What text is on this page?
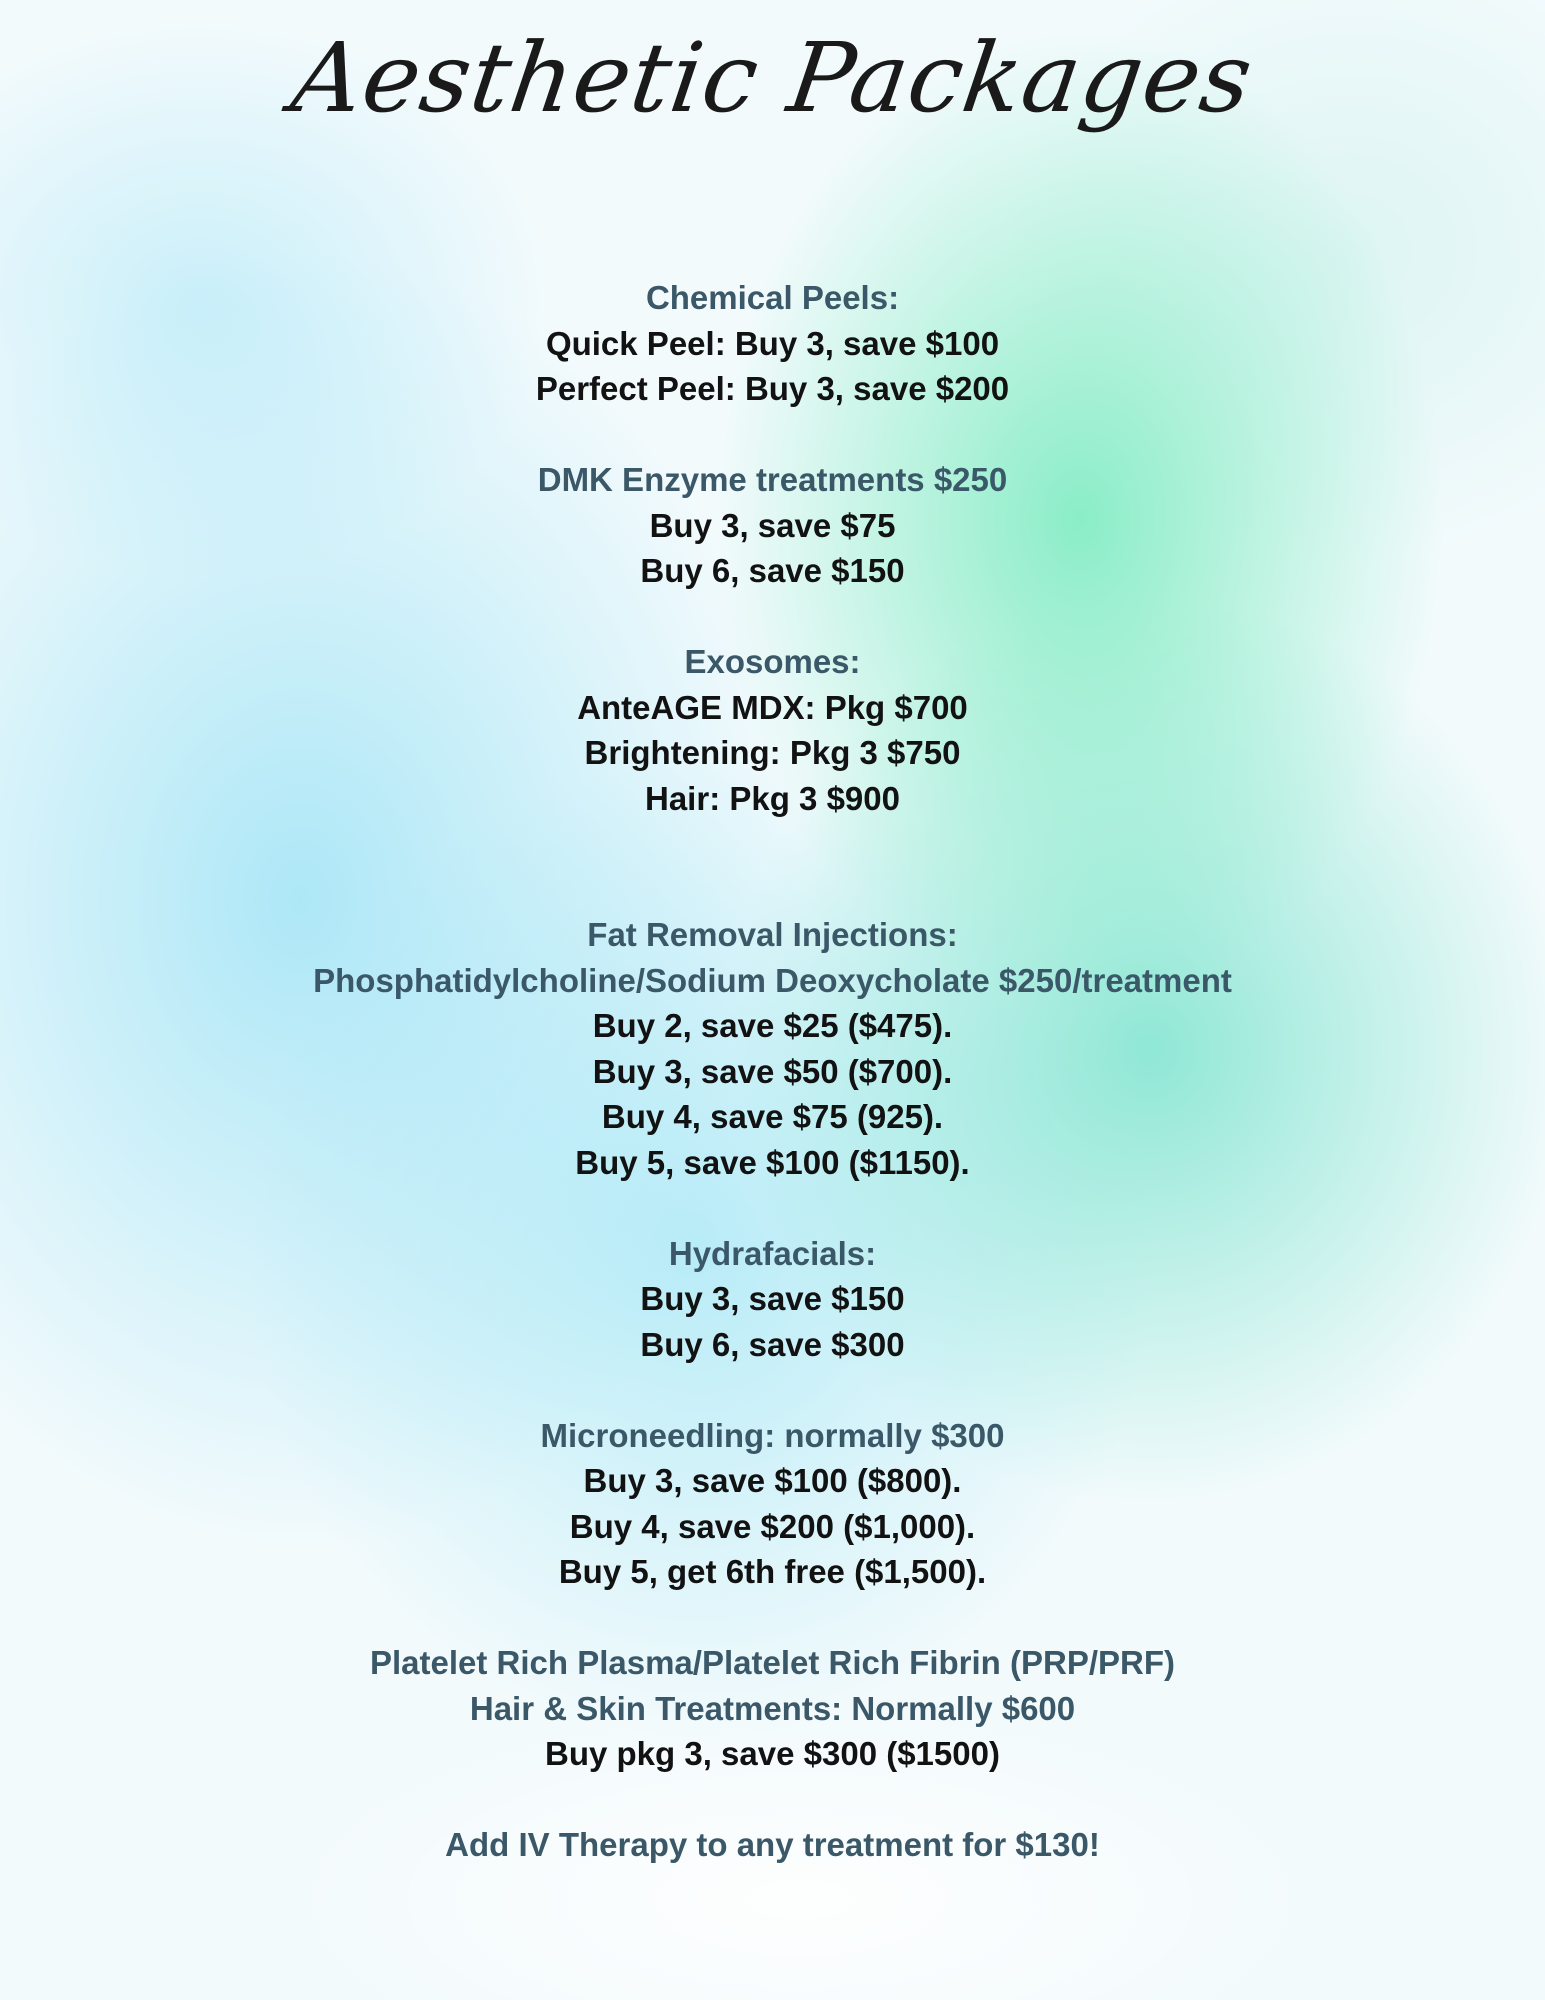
Aesthetic Packages
Chemical Peels:
Quick Peel: Buy 3, save $100
Perfect Peel: Buy 3, save $200
DMK Enzyme treatments $250
Buy 3, save $75
Buy 6, save $150
Exosomes:
AnteAGE MDX: Pkg $700
Brightening: Pkg 3 $750
Hair: Pkg 3 $900
Fat Removal Injections:
Phosphatidylcholine/Sodium Deoxycholate $250/treatment
Buy 2, save $25 ($475).
Buy 3, save $50 ($700).
Buy 4, save $75 (925).
Buy 5, save $100 ($1150).
Hydrafacials:
Buy 3, save $150
Buy 6, save $300
Microneedling: normally $300
Buy 3, save $100 ($800).
Buy 4, save $200 ($1,000).
Buy 5, get 6th free ($1,500).
Platelet Rich Plasma/Platelet Rich Fibrin (PRP/PRF)
Hair & Skin Treatments: Normally $600
Buy pkg 3, save $300 ($1500)
Add IV Therapy to any treatment for $130!
